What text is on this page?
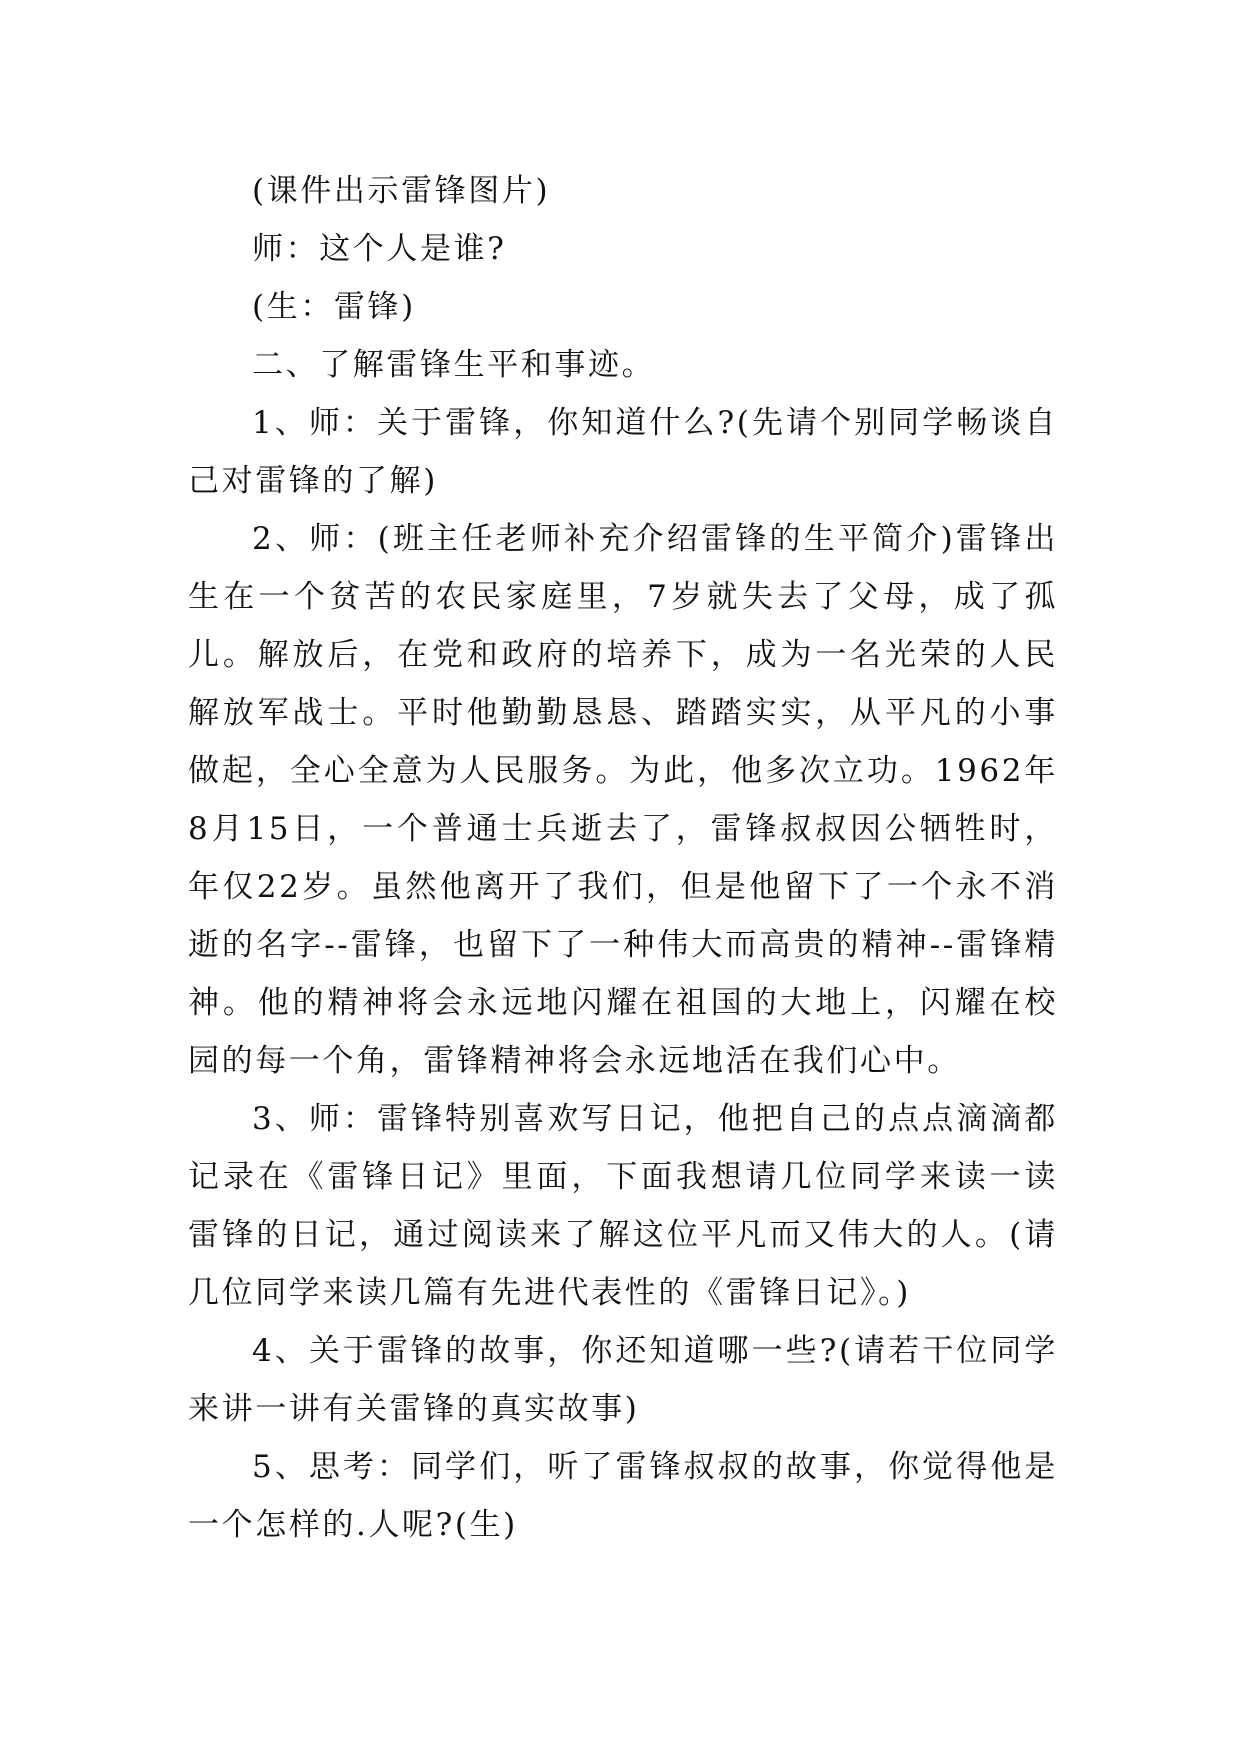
(课件出示雷锋图片)

师：这个人是谁?

(生：雷锋)

二、了解雷锋生平和事迹。

1、师：关于雷锋，你知道什么?(先请个别同学畅谈自己对雷锋的了解)

2、师：(班主任老师补充介绍雷锋的生平简介)雷锋出生在一个贫苦的农民家庭里，7岁就失去了父母，成了孤儿。解放后，在党和政府的培养下，成为一名光荣的人民解放军战士。平时他勤勤恳恳、踏踏实实，从平凡的小事做起，全心全意为人民服务。为此，他多次立功。1962年8月15日，一个普通士兵逝去了，雷锋叔叔因公牺牲时，年仅22岁。虽然他离开了我们，但是他留下了一个永不消逝的名字--雷锋，也留下了一种伟大而高贵的精神--雷锋精神。他的精神将会永远地闪耀在祖国的大地上，闪耀在校园的每一个角，雷锋精神将会永远地活在我们心中。

3、师：雷锋特别喜欢写日记，他把自己的点点滴滴都记录在《雷锋日记》里面，下面我想请几位同学来读一读雷锋的日记，通过阅读来了解这位平凡而又伟大的人。(请几位同学来读几篇有先进代表性的《雷锋日记》。)

4、关于雷锋的故事，你还知道哪一些?(请若干位同学来讲一讲有关雷锋的真实故事)

5、思考：同学们，听了雷锋叔叔的故事，你觉得他是一个怎样的.人呢?(生)
